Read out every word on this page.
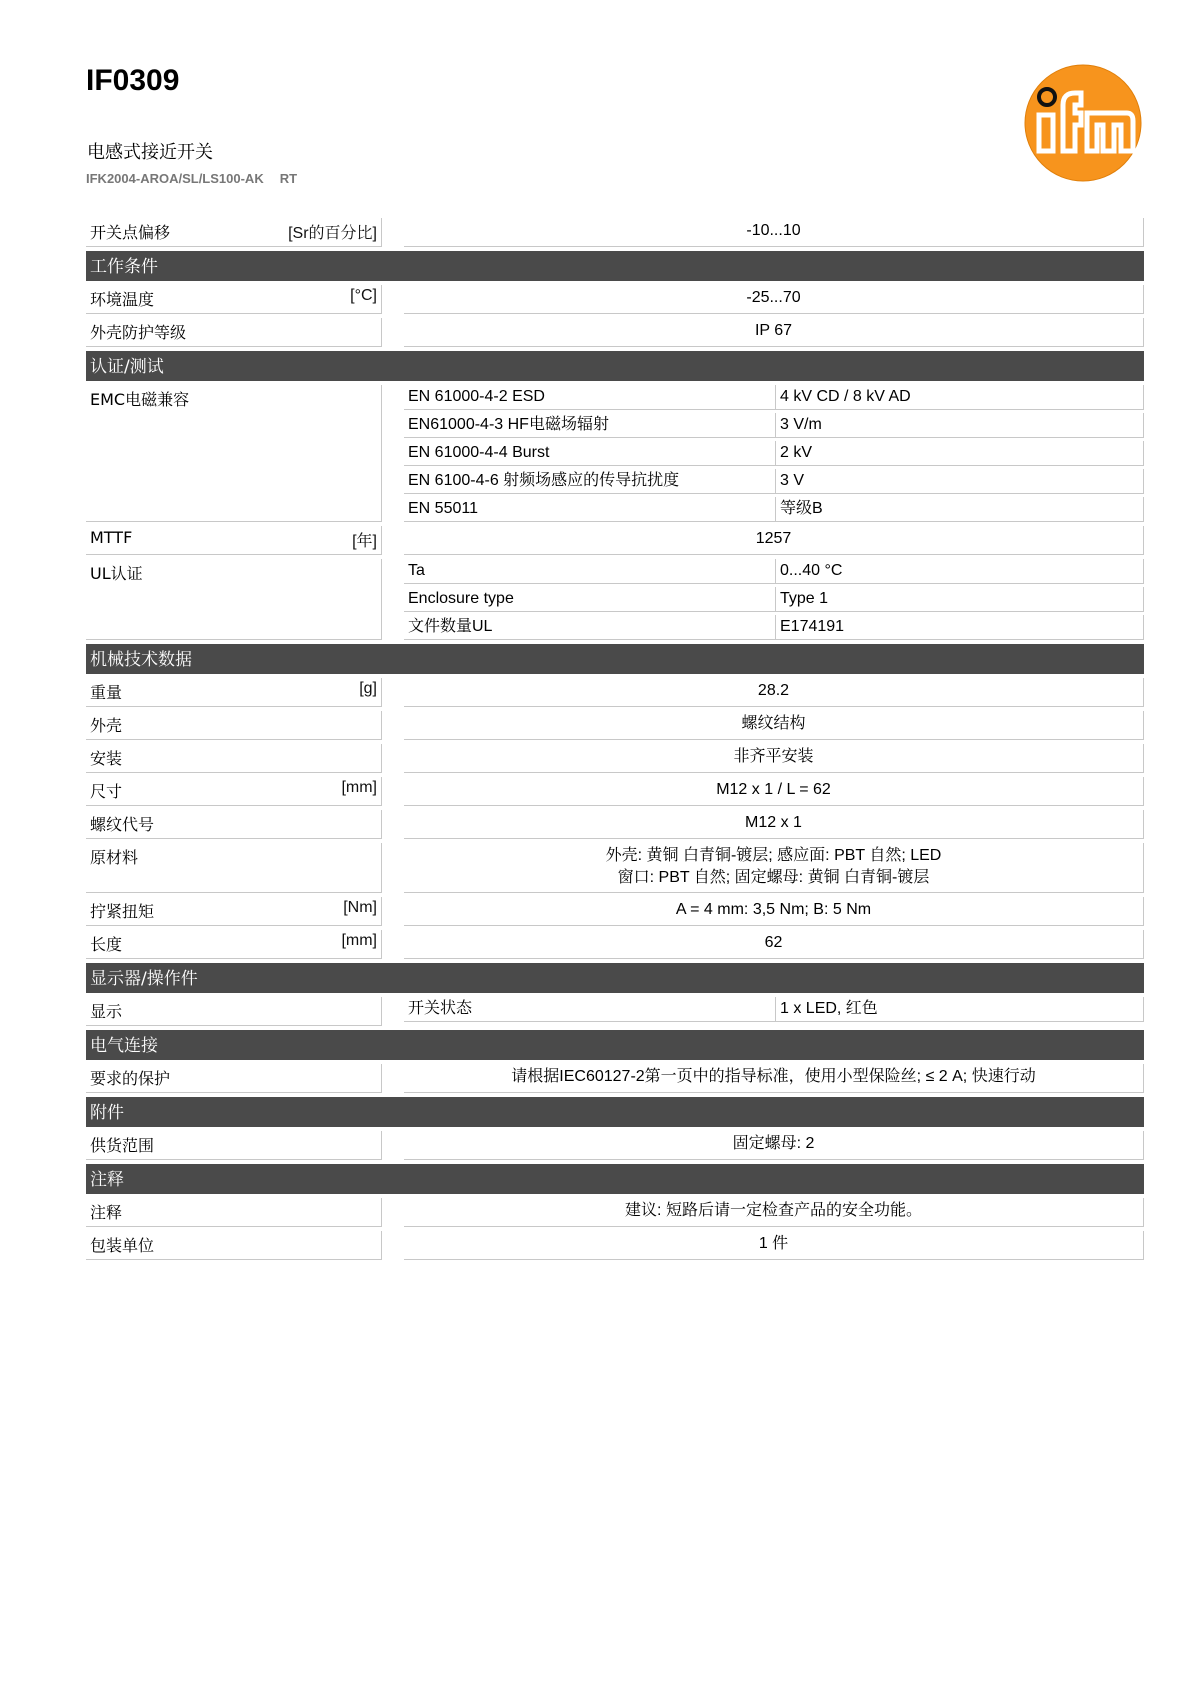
IF0309
电感式接近开关
IFK2004-AROA/SL/LS100-AK RT
开关点偏移	[Sr的百分比]	-10...10
工作条件
环境温度	[°C]	-25...70
外壳防护等级	IP 67
认证/测试
EMC电磁兼容	EN 61000-4-2 ESD	4 kV CD / 8 kV AD
EN61000-4-3 HF电磁场辐射	3 V/m
EN 61000-4-4 Burst	2 kV
EN 6100-4-6 射频场感应的传导抗扰度	3 V
EN 55011	等级B
MTTF	[年]	1257
UL认证	Ta	0...40 °C
Enclosure type	Type 1
文件数量UL	E174191
机械技术数据
重量	[g]	28.2
外壳	螺纹结构
安装	非齐平安装
尺寸	[mm]	M12 x 1 / L = 62
螺纹代号	M12 x 1
原材料	外壳: 黄铜 白青铜-镀层; 感应面: PBT 自然; LED
窗口: PBT 自然; 固定螺母: 黄铜 白青铜-镀层
拧紧扭矩	[Nm]	A = 4 mm: 3,5 Nm; B: 5 Nm
长度	[mm]	62
显示器/操作件
显示	开关状态	1 x LED, 红色
电气连接
要求的保护	请根据IEC60127-2第一页中的指导标准，使用小型保险丝; ≤ 2 A; 快速行动
附件
供货范围	固定螺母: 2
注释
注释	建议: 短路后请一定检查产品的安全功能。
包装单位	1 件
